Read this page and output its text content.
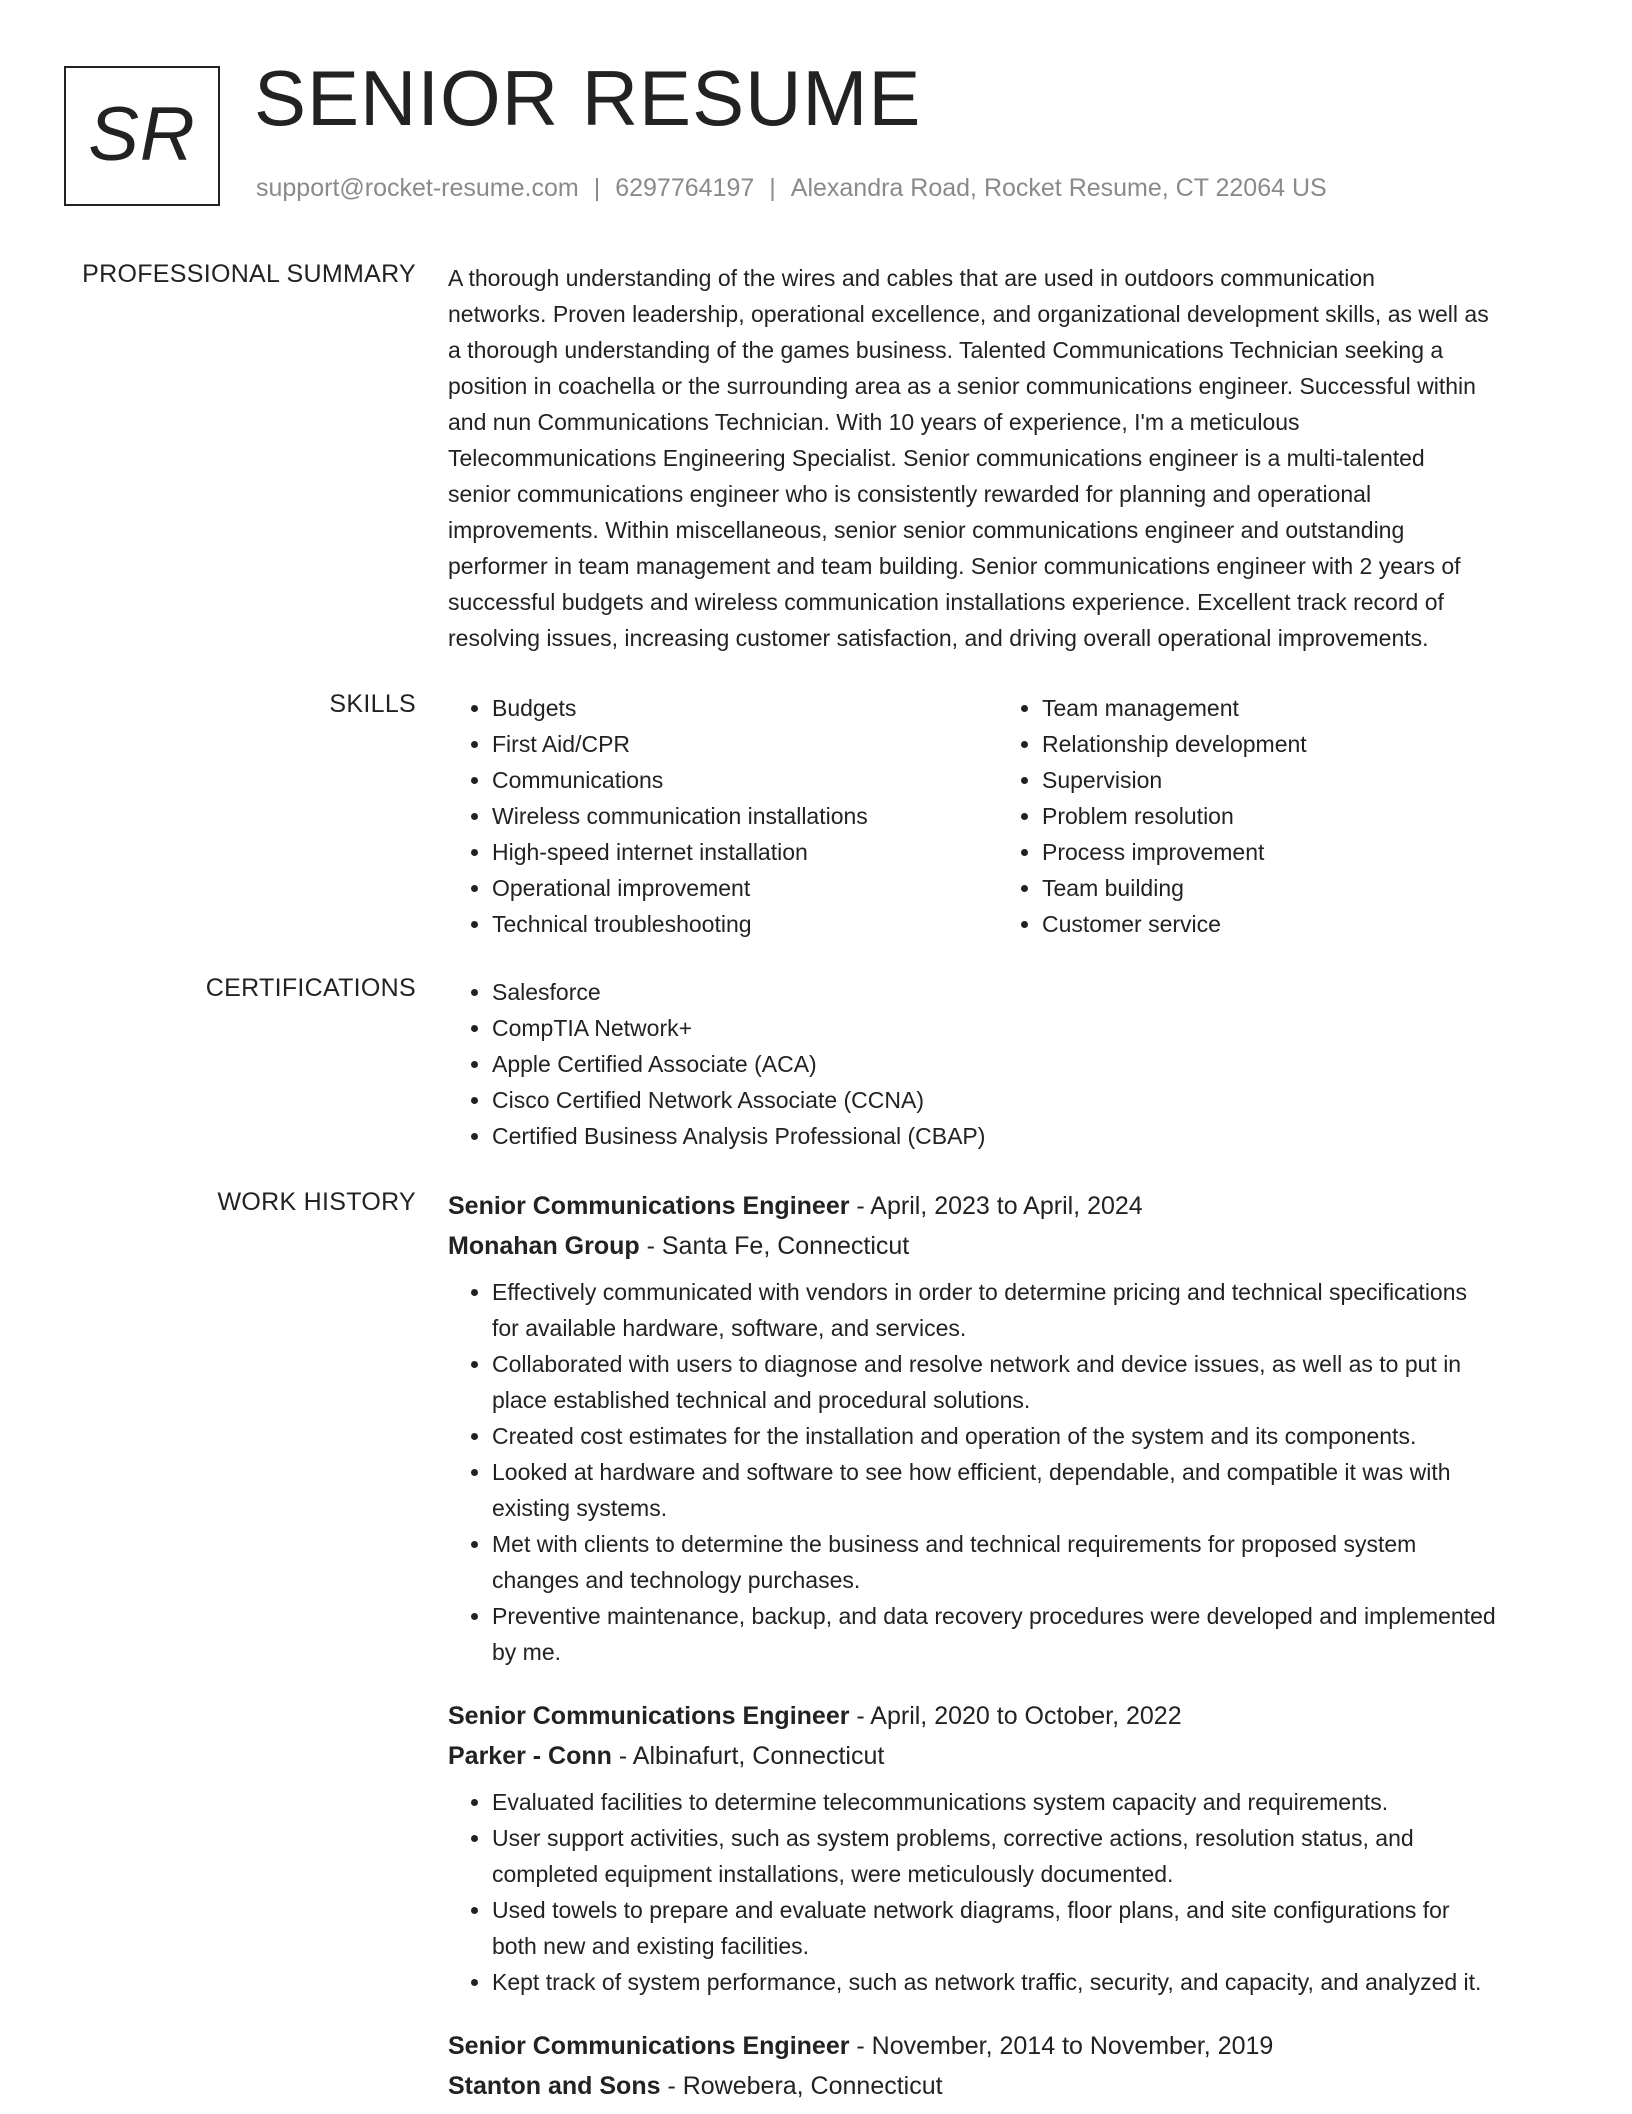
SR SENIOR RESUME
support@rocket-resume.com | 6297764197 | Alexandra Road, Rocket Resume, CT 22064 US
PROFESSIONAL SUMMARY A thorough understanding of the wires and cables that are used in outdoors communication
networks. Proven leadership, operational excellence, and organizational development skills, as well as
a thorough understanding of the games business. Talented Communications Technician seeking a
position in coachella or the surrounding area as a senior communications engineer. Successful within
and nun Communications Technician. With 10 years of experience, I'm a meticulous
Telecommunications Engineering Specialist. Senior communications engineer is a multi-talented
senior communications engineer who is consistently rewarded for planning and operational
improvements. Within miscellaneous, senior senior communications engineer and outstanding
performer in team management and team building. Senior communications engineer with 2 years of
successful budgets and wireless communication installations experience. Excellent track record of
resolving issues, increasing customer satisfaction, and driving overall operational improvements.

SKILLS	• Budgets
• First Aid/CPR
• Communications
• Wireless communication installations
• High-speed internet installation
• Operational improvement
• Technical troubleshooting
• Team management
• Relationship development
• Supervision
• Problem resolution
• Process improvement
• Team building
• Customer service
CERTIFICATIONS	• Salesforce
• CompTIA Network+
• Apple Certified Associate (ACA)
• Cisco Certified Network Associate (CCNA)
• Certified Business Analysis Professional (CBAP)
WORK HISTORY Senior Communications Engineer - April, 2023 to April, 2024
Monahan Group - Santa Fe, Connecticut
• Effectively communicated with vendors in order to determine pricing and technical specifications
for available hardware, software, and services.
• Collaborated with users to diagnose and resolve network and device issues, as well as to put in
place established technical and procedural solutions.
• Created cost estimates for the installation and operation of the system and its components.
• Looked at hardware and software to see how efficient, dependable, and compatible it was with
existing systems.
• Met with clients to determine the business and technical requirements for proposed system
changes and technology purchases.
• Preventive maintenance, backup, and data recovery procedures were developed and implemented
by me.
Senior Communications Engineer - April, 2020 to October, 2022
Parker - Conn - Albinafurt, Connecticut
• Evaluated facilities to determine telecommunications system capacity and requirements.
• User support activities, such as system problems, corrective actions, resolution status, and
completed equipment installations, were meticulously documented.
• Used towels to prepare and evaluate network diagrams, floor plans, and site configurations for
both new and existing facilities.
• Kept track of system performance, such as network traffic, security, and capacity, and analyzed it.
Senior Communications Engineer - November, 2014 to November, 2019
Stanton and Sons - Rowebera, Connecticut
